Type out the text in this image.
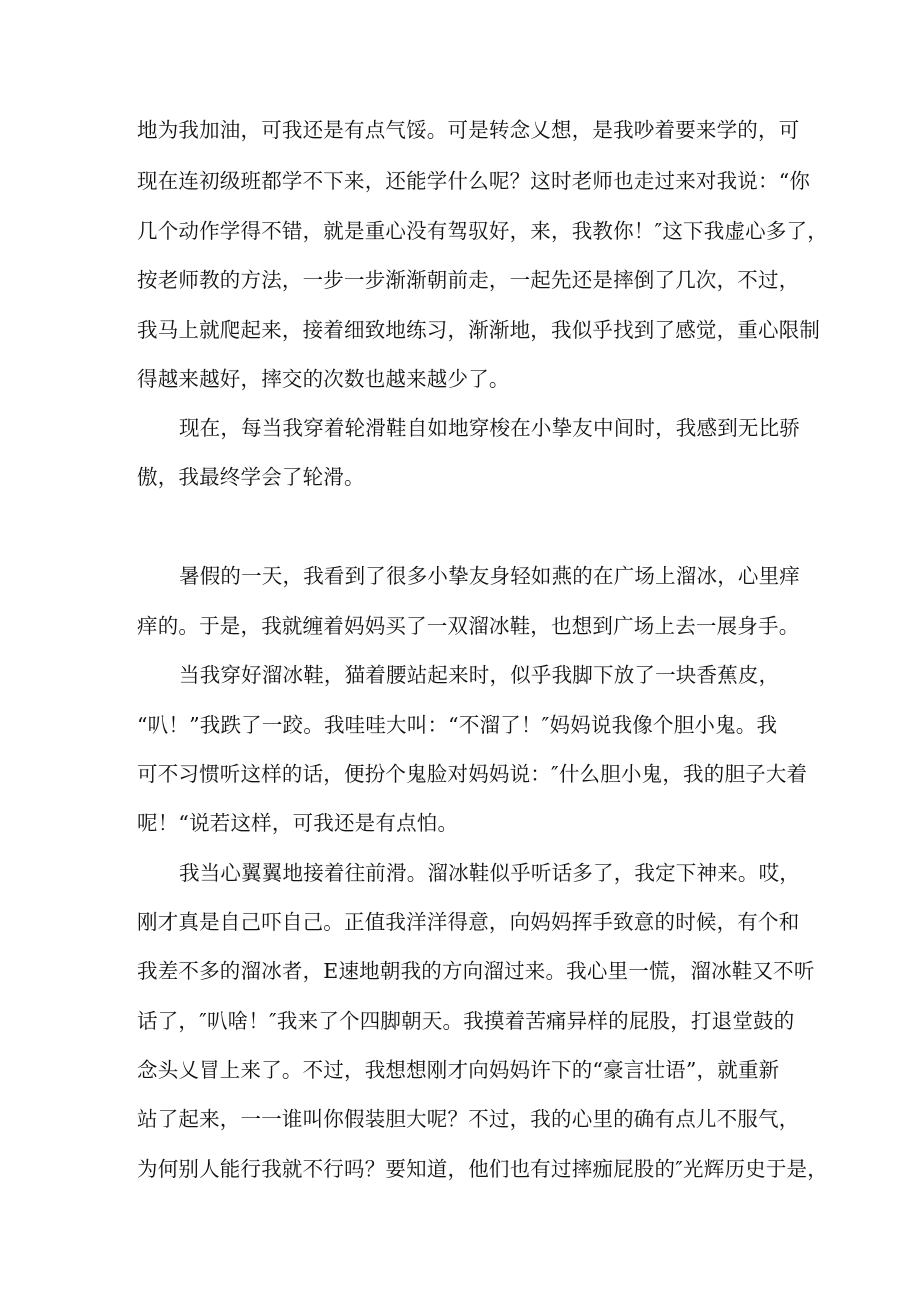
地为我加油，可我还是有点气馁。可是转念乂想，是我吵着要来学的，可
现在连初级班都学不下来，还能学什么呢？这时老师也走过来对我说：“你
几个动作学得不错，就是重心没有驾驭好，来，我教你！″这下我虚心多了，
按老师教的方法，一步一步渐渐朝前走，一起先还是摔倒了几次，不过，
我马上就爬起来，接着细致地练习，渐渐地，我似乎找到了感觉，重心限制
得越来越好，摔交的次数也越来越少了。
现在，每当我穿着轮滑鞋自如地穿梭在小挚友中间时，我感到无比骄
傲，我最终学会了轮滑。
暑假的一天，我看到了很多小挚友身轻如燕的在广场上溜冰，心里痒
痒的。于是，我就缠着妈妈买了一双溜冰鞋，也想到广场上去一展身手。
当我穿好溜冰鞋，猫着腰站起来时，似乎我脚下放了一块香蕉皮，
“叭！”我跌了一跤。我哇哇大叫：“不溜了！″妈妈说我像个胆小鬼。我
可不习惯听这样的话，便扮个鬼脸对妈妈说：″什么胆小鬼，我的胆子大着
呢！“说若这样，可我还是有点怕。
我当心翼翼地接着往前滑。溜冰鞋似乎听话多了，我定下神来。哎，
刚才真是自己吓自己。正值我洋洋得意，向妈妈挥手致意的时候，有个和
我差不多的溜冰者，E速地朝我的方向溜过来。我心里一慌，溜冰鞋又不听
话了，″叭啥！″我来了个四脚朝天。我摸着苦痛异样的屁股，打退堂鼓的
念头乂冒上来了。不过，我想想刚才向妈妈许下的“豪言壮语”，就重新
站了起来，一一谁叫你假装胆大呢？不过，我的心里的确有点儿不服气，
为何别人能行我就不行吗？要知道，他们也有过摔痂屁股的″光辉历史于是，
